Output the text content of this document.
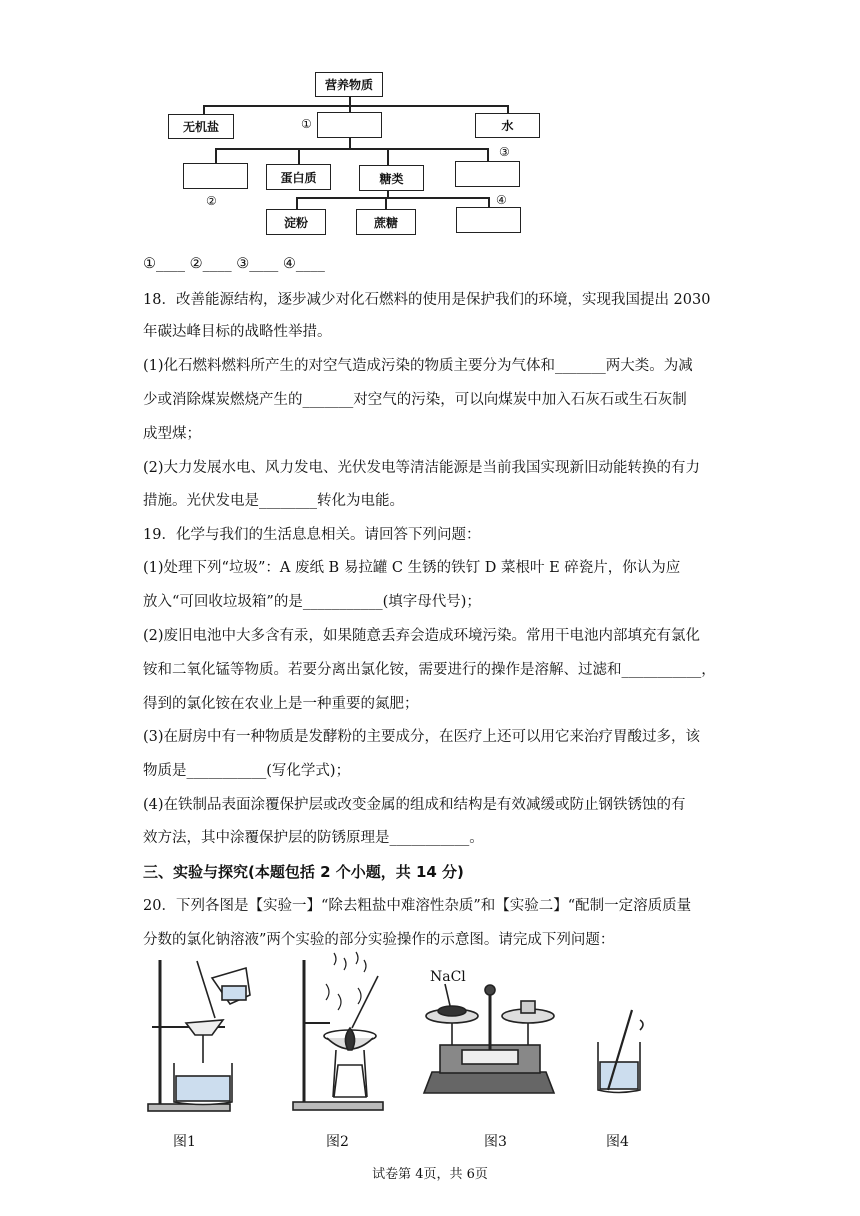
营养物质
无机盐	水
①
蛋白质	糖类
②
③
淀粉	蔗糖
④
①____ ②____ ③____ ④____
18．改善能源结构，逐步减少对化石燃料的使用是保护我们的环境，实现我国提出 2030
年碳达峰目标的战略性举措。
(1)化石燃料燃料所产生的对空气造成污染的物质主要分为气体和_______两大类。为减
少或消除煤炭燃烧产生的_______对空气的污染，可以向煤炭中加入石灰石或生石灰制
成型煤；
(2)大力发展水电、风力发电、光伏发电等清洁能源是当前我国实现新旧动能转换的有力
措施。光伏发电是________转化为电能。
19．化学与我们的生活息息相关。请回答下列问题：
(1)处理下列“垃圾”：A 废纸 B 易拉罐 C 生锈的铁钉 D 菜根叶 E 碎瓷片，你认为应
放入“可回收垃圾箱”的是___________(填字母代号)；
(2)废旧电池中大多含有汞，如果随意丢弃会造成环境污染。常用干电池内部填充有氯化
铵和二氧化锰等物质。若要分离出氯化铵，需要进行的操作是溶解、过滤和___________，
得到的氯化铵在农业上是一种重要的氮肥；
(3)在厨房中有一种物质是发酵粉的主要成分，在医疗上还可以用它来治疗胃酸过多，该
物质是___________(写化学式)；
(4)在铁制品表面涂覆保护层或改变金属的组成和结构是有效减缓或防止钢铁锈蚀的有
效方法，其中涂覆保护层的防锈原理是___________。
三、实验与探究(本题包括 2 个小题，共 14 分)
20．下列各图是【实验一】“除去粗盐中难溶性杂质”和【实验二】“配制一定溶质质量
分数的氯化钠溶液”两个实验的部分实验操作的示意图。请完成下列问题：
NaCl
图1	图2	图3	图4
试卷第 4页，共 6页
